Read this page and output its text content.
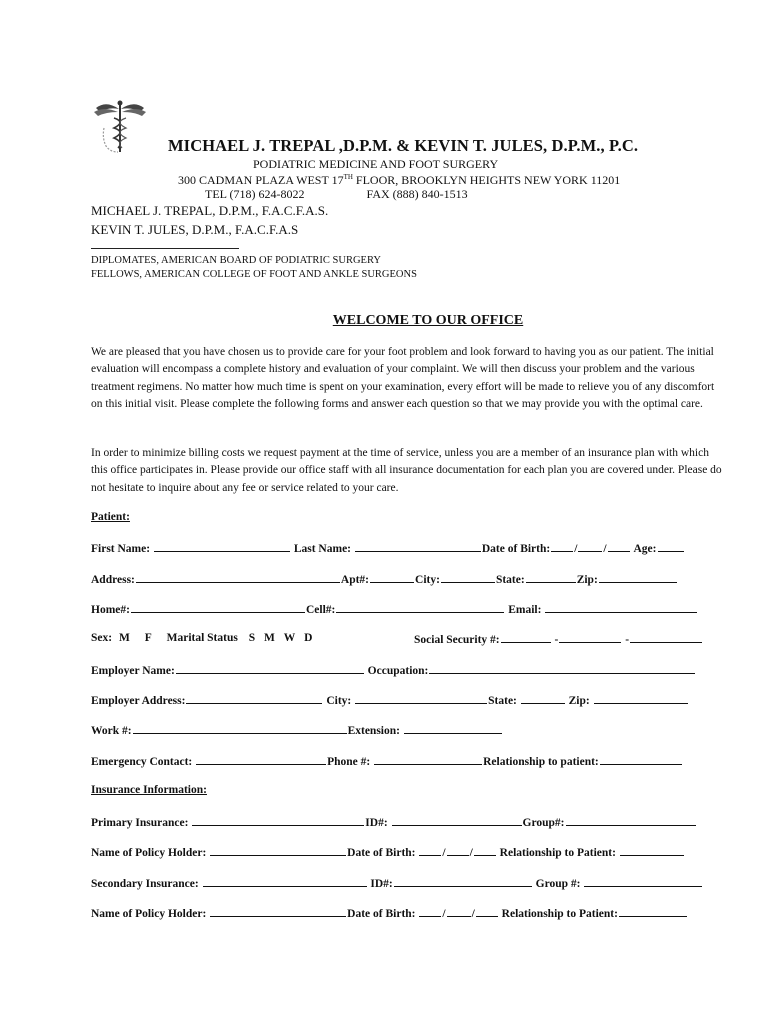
MICHAEL J. TREPAL ,D.P.M. & KEVIN T. JULES, D.P.M., P.C.
PODIATRIC MEDICINE AND FOOT SURGERY
300 CADMAN PLAZA WEST 17TH FLOOR, BROOKLYN HEIGHTS NEW YORK 11201
TEL (718) 624-8022	FAX (888) 840-1513
MICHAEL J. TREPAL, D.P.M., F.A.C.F.A.S.
KEVIN T. JULES, D.P.M., F.A.C.F.A.S
DIPLOMATES, AMERICAN BOARD OF PODIATRIC SURGERY
FELLOWS, AMERICAN COLLEGE OF FOOT AND ANKLE SURGEONS
WELCOME TO OUR OFFICE

We are pleased that you have chosen us to provide care for your foot problem and look forward to having you as our patient. The initial evaluation will encompass a complete history and evaluation of your complaint. We will then discuss your problem and the various treatment regimens. No matter how much time is spent on your examination, every effort will be made to relieve you of any discomfort on this initial visit. Please complete the following forms and answer each question so that we may provide you with the optimal care.

In order to minimize billing costs we request payment at the time of service, unless you are a member of an insurance plan with which this office participates in. Please provide our office staff with all insurance documentation for each plan you are covered under. Please do not hesitate to inquire about any fee or service related to your care.

Patient:
First Name:	Last Name:	Date of Birth: / / Age:
Address:	Apt#:	City:	State:	Zip:
Home#:	Cell#:	Email:
Sex: M F Marital Status S M W D	Social Security #:	-	-
Employer Name:	Occupation:
Employer Address:	City:	State:	Zip:
Work #:	Extension:
Emergency Contact:	Phone #:	Relationship to patient:
Insurance Information:
Primary Insurance:	ID#:	Group#:
Name of Policy Holder:	Date of Birth: / / Relationship to Patient:
Secondary Insurance:	ID#:	Group #:
Name of Policy Holder:	Date of Birth: / / Relationship to Patient:
